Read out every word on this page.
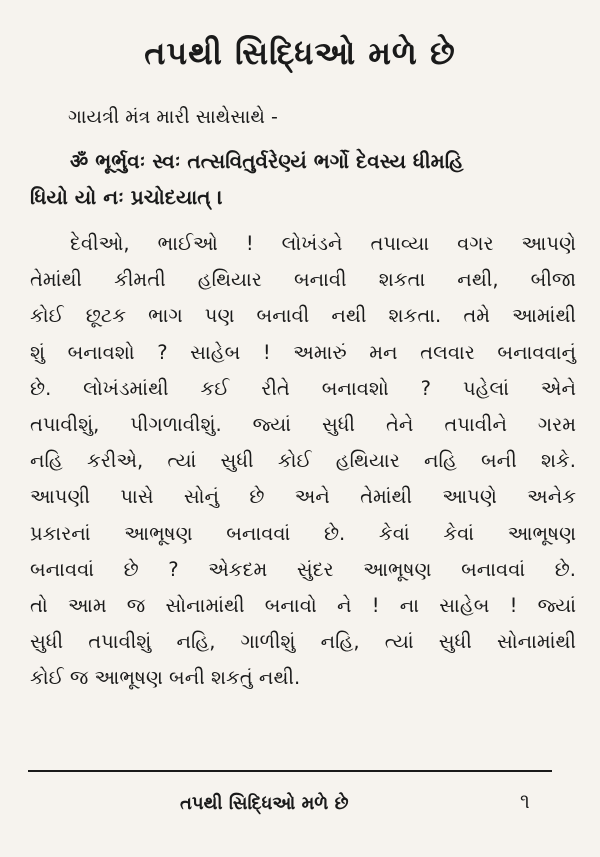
તપથી સિદ્ધિઓ મળે છે
ગાયત્રી મંત્ર મારી સાથેસાથે -
ॐ ભૂર્ભુવઃ સ્વઃ તત્સવિતુર્વરેણ્યં ભર્ગો દેવસ્ય ધીમહિ
ધિયો યો નઃ પ્રચોદયાત્ ।
દેવીઓ, ભાઈઓ ! લોખંડને તપાવ્યા વગર આપણે
તેમાંથી કીમતી હથિયાર બનાવી શકતા નથી, બીજા
કોઈ છૂટક ભાગ પણ બનાવી નથી શકતા. તમે આમાંથી
શું બનાવશો ? સાહેબ ! અમારું મન તલવાર બનાવવાનું
છે. લોખંડમાંથી કઈ રીતે બનાવશો ? પહેલાં એને
તપાવીશું, પીગળાવીશું. જ્યાં સુધી તેને તપાવીને ગરમ
નહિ કરીએ, ત્યાં સુધી કોઈ હથિયાર નહિ બની શકે.
આપણી પાસે સોનું છે અને તેમાંથી આપણે અનેક
પ્રકારનાં આભૂષણ બનાવવાં છે. કેવાં કેવાં આભૂષણ
બનાવવાં છે ? એકદમ સુંદર આભૂષણ બનાવવાં છે.
તો આમ જ સોનામાંથી બનાવો ને ! ના સાહેબ ! જ્યાં
સુધી તપાવીશું નહિ, ગાળીશું નહિ, ત્યાં સુધી સોનામાંથી
કોઈ જ આભૂષણ બની શકતું નથી.
તપથી સિદ્ધિઓ મળે છે	૧
